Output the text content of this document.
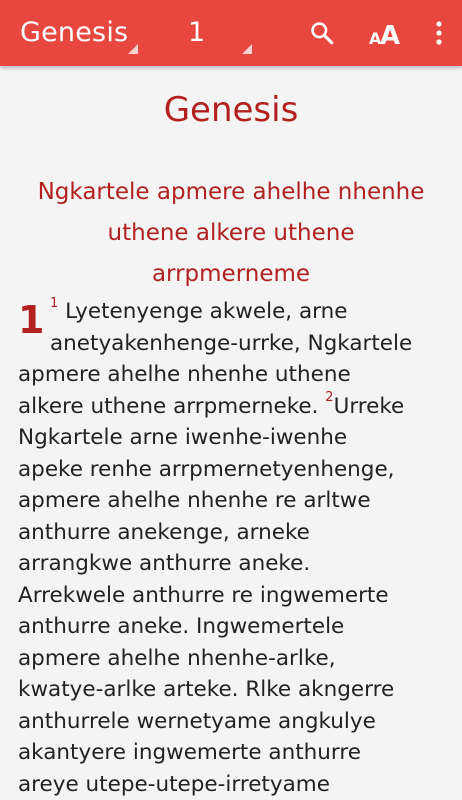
Genesis 1	A
A
Genesis
Ngkartele apmere ahelhe nhenhe
uthene alkere uthene
arrpmerneme
1 $^1$ Lyetenyenge akwele, arne
anetyakenhenge-urrke, Ngkartele
apmere ahelhe nhenhe uthene
alkere uthene arrpmerneke. $^2$Urreke
Ngkartele arne iwenhe-iwenhe
apeke renhe arrpmernetyenhenge,
apmere ahelhe nhenhe re arltwe
anthurre anekenge, arneke
arrangkwe anthurre aneke.
Arrekwele anthurre re ingwemerte
anthurre aneke. Ingwemertele
apmere ahelhe nhenhe-arlke,
kwatye-arlke arteke. Rlke akngerre
anthurrele wernetyame angkulye
akantyere ingwemerte anthurre
areye utepe-utepe-irretyame
